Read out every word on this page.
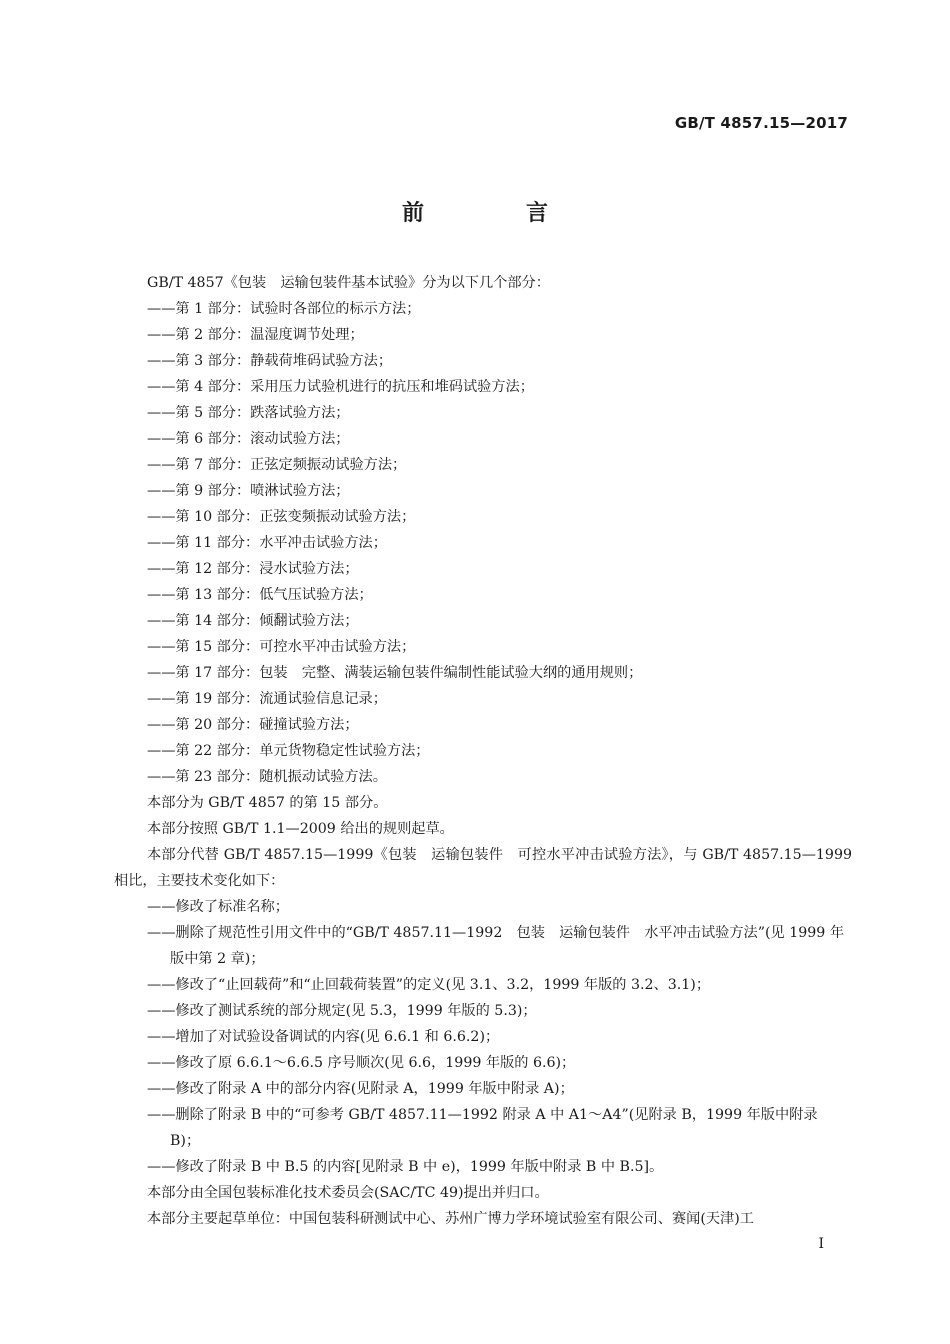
GB/T 4857.15—2017
前　言

GB/T 4857《包装　运输包装件基本试验》分为以下几个部分：

——第 1 部分：试验时各部位的标示方法；

——第 2 部分：温湿度调节处理；

——第 3 部分：静载荷堆码试验方法；

——第 4 部分：采用压力试验机进行的抗压和堆码试验方法；

——第 5 部分：跌落试验方法；

——第 6 部分：滚动试验方法；

——第 7 部分：正弦定频振动试验方法；

——第 9 部分：喷淋试验方法；

——第 10 部分：正弦变频振动试验方法；

——第 11 部分：水平冲击试验方法；

——第 12 部分：浸水试验方法；

——第 13 部分：低气压试验方法；

——第 14 部分：倾翻试验方法；

——第 15 部分：可控水平冲击试验方法；

——第 17 部分：包装　完整、满装运输包装件编制性能试验大纲的通用规则；

——第 19 部分：流通试验信息记录；

——第 20 部分：碰撞试验方法；

——第 22 部分：单元货物稳定性试验方法；

——第 23 部分：随机振动试验方法。

本部分为 GB/T 4857 的第 15 部分。

本部分按照 GB/T 1.1—2009 给出的规则起草。

本部分代替 GB/T 4857.15—1999《包装　运输包装件　可控水平冲击试验方法》，与 GB/T 4857.15—1999 相比，主要技术变化如下：

——修改了标准名称；

——删除了规范性引用文件中的“GB/T 4857.11—1992　包装　运输包装件　水平冲击试验方法”(见 1999 年版中第 2 章)；

——修改了“止回载荷”和“止回载荷装置”的定义(见 3.1、3.2，1999 年版的 3.2、3.1)；

——修改了测试系统的部分规定(见 5.3，1999 年版的 5.3)；

——增加了对试验设备调试的内容(见 6.6.1 和 6.6.2)；

——修改了原 6.6.1～6.6.5 序号顺次(见 6.6，1999 年版的 6.6)；

——修改了附录 A 中的部分内容(见附录 A，1999 年版中附录 A)；

——删除了附录 B 中的“可参考 GB/T 4857.11—1992 附录 A 中 A1～A4”(见附录 B，1999 年版中附录 B)；

——修改了附录 B 中 B.5 的内容[见附录 B 中 e)，1999 年版中附录 B 中 B.5]。

本部分由全国包装标准化技术委员会(SAC/TC 49)提出并归口。

本部分主要起草单位：中国包装科研测试中心、苏州广博力学环境试验室有限公司、赛闻(天津)工

I
